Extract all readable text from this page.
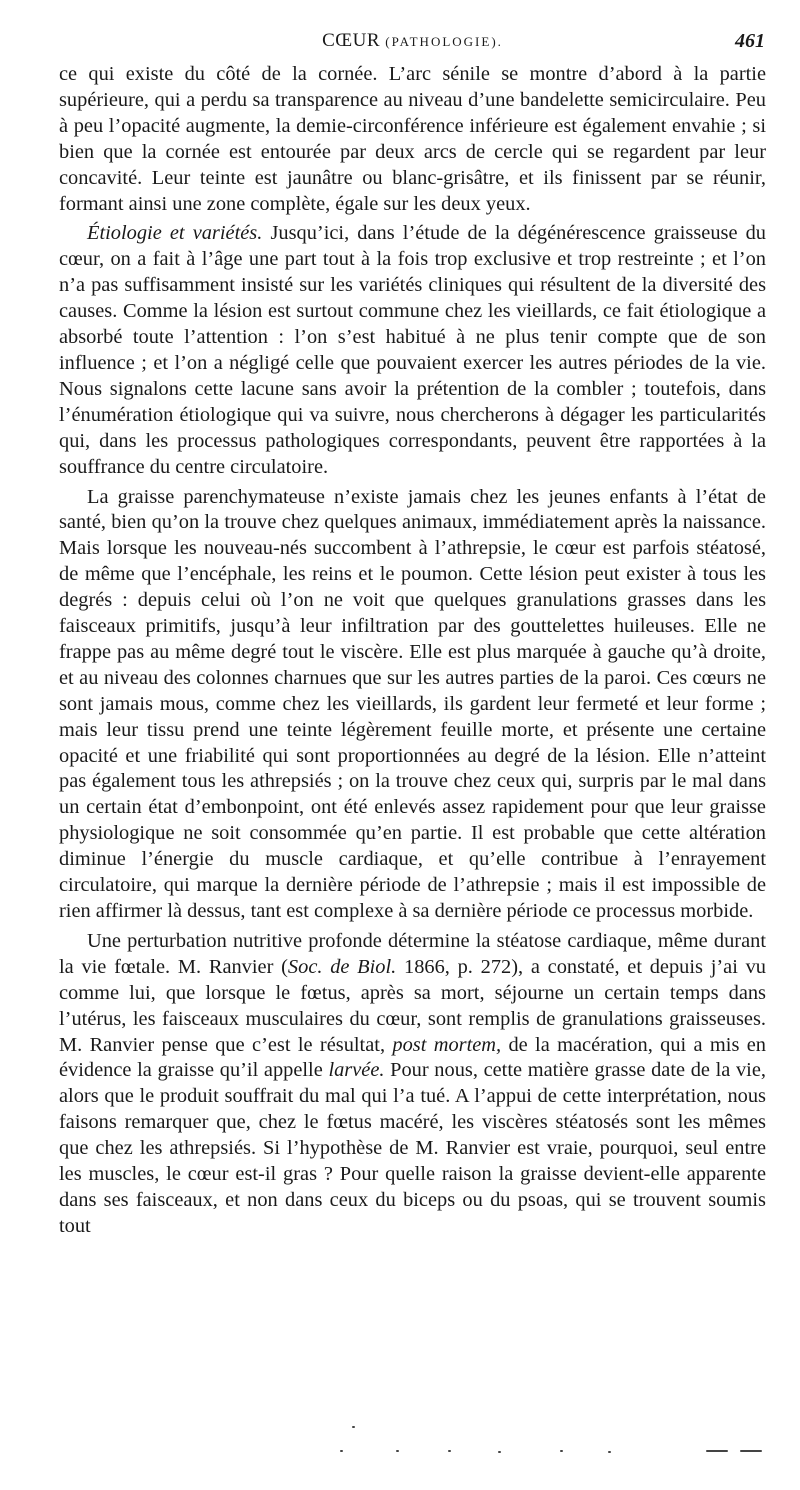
CŒUR (PATHOLOGIE).	461

ce qui existe du côté de la cornée. L’arc sénile se montre d’abord à la partie supérieure, qui a perdu sa transparence au niveau d’une bandelette semicirculaire. Peu à peu l’opacité augmente, la demie-circonférence inférieure est également envahie ; si bien que la cornée est entourée par deux arcs de cercle qui se regardent par leur concavité. Leur teinte est jaunâtre ou blanc-grisâtre, et ils finissent par se réunir, formant ainsi une zone complète, égale sur les deux yeux.

Étiologie et variétés. Jusqu’ici, dans l’étude de la dégénérescence graisseuse du cœur, on a fait à l’âge une part tout à la fois trop exclusive et trop restreinte ; et l’on n’a pas suffisamment insisté sur les variétés cliniques qui résultent de la diversité des causes. Comme la lésion est surtout commune chez les vieillards, ce fait étiologique a absorbé toute l’attention : l’on s’est habitué à ne plus tenir compte que de son influence ; et l’on a négligé celle que pouvaient exercer les autres périodes de la vie. Nous signalons cette lacune sans avoir la prétention de la combler ; toutefois, dans l’énumération étiologique qui va suivre, nous chercherons à dégager les particularités qui, dans les processus pathologiques correspondants, peuvent être rapportées à la souffrance du centre circulatoire.

La graisse parenchymateuse n’existe jamais chez les jeunes enfants à l’état de santé, bien qu’on la trouve chez quelques animaux, immédiatement après la naissance. Mais lorsque les nouveau-nés succombent à l’athrepsie, le cœur est parfois stéatosé, de même que l’encéphale, les reins et le poumon. Cette lésion peut exister à tous les degrés : depuis celui où l’on ne voit que quelques granulations grasses dans les faisceaux primitifs, jusqu’à leur infiltration par des gouttelettes huileuses. Elle ne frappe pas au même degré tout le viscère. Elle est plus marquée à gauche qu’à droite, et au niveau des colonnes charnues que sur les autres parties de la paroi. Ces cœurs ne sont jamais mous, comme chez les vieillards, ils gardent leur fermeté et leur forme ; mais leur tissu prend une teinte légèrement feuille morte, et présente une certaine opacité et une friabilité qui sont proportionnées au degré de la lésion. Elle n’atteint pas également tous les athrepsiés ; on la trouve chez ceux qui, surpris par le mal dans un certain état d’embonpoint, ont été enlevés assez rapidement pour que leur graisse physiologique ne soit consommée qu’en partie. Il est probable que cette altération diminue l’énergie du muscle cardiaque, et qu’elle contribue à l’enrayement circulatoire, qui marque la dernière période de l’athrepsie ; mais il est impossible de rien affirmer là dessus, tant est complexe à sa dernière période ce processus morbide.

Une perturbation nutritive profonde détermine la stéatose cardiaque, même durant la vie fœtale. M. Ranvier (Soc. de Biol. 1866, p. 272), a constaté, et depuis j’ai vu comme lui, que lorsque le fœtus, après sa mort, séjourne un certain temps dans l’utérus, les faisceaux musculaires du cœur, sont remplis de granulations graisseuses. M. Ranvier pense que c’est le résultat, post mortem, de la macération, qui a mis en évidence la graisse qu’il appelle larvée. Pour nous, cette matière grasse date de la vie, alors que le produit souffrait du mal qui l’a tué. A l’appui de cette interprétation, nous faisons remarquer que, chez le fœtus macéré, les viscères stéatosés sont les mêmes que chez les athrepsiés. Si l’hypothèse de M. Ranvier est vraie, pourquoi, seul entre les muscles, le cœur est-il gras ? Pour quelle raison la graisse devient-elle apparente dans ses faisceaux, et non dans ceux du biceps ou du psoas, qui se trouvent soumis tout
